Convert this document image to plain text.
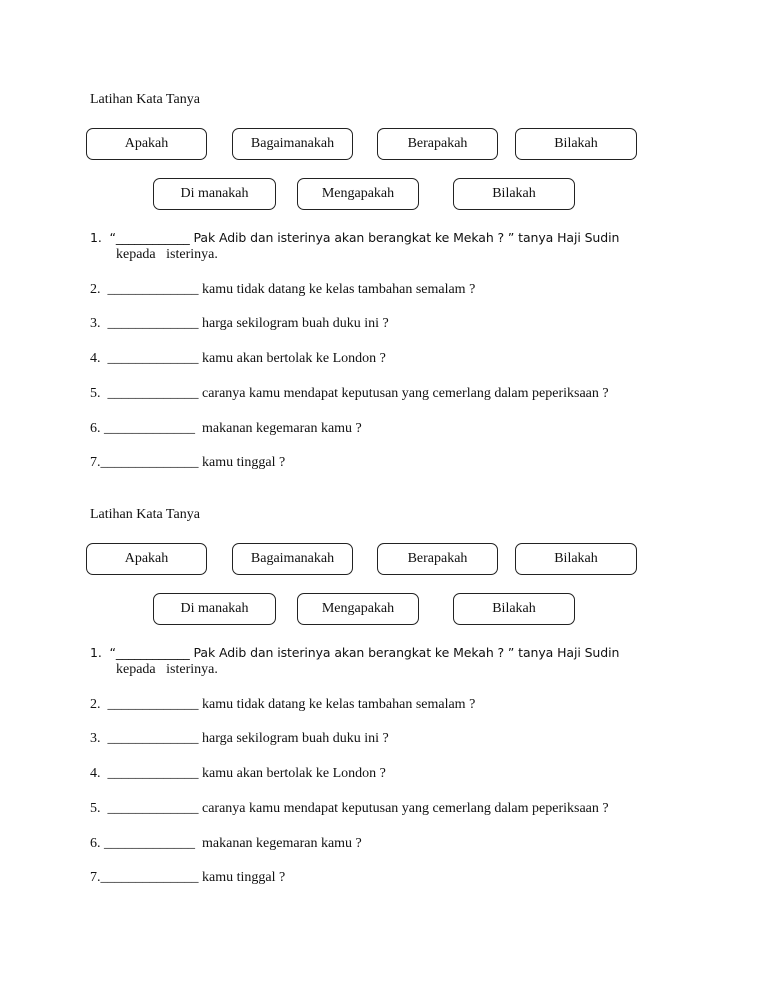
Latihan Kata Tanya
Apakah	Bagaimanakah	Berapakah	Bilakah
Di manakah	Mengapakah	Bilakah
1.  “____________ Pak Adib dan isterinya akan berangkat ke Mekah ? ” tanya Haji Sudin
kepada   isterinya.
2.  _____________ kamu tidak datang ke kelas tambahan semalam ?
3.  _____________ harga sekilogram buah duku ini ?
4.  _____________ kamu akan bertolak ke London ?
5.  _____________ caranya kamu mendapat keputusan yang cemerlang dalam peperiksaan ?
6. _____________  makanan kegemaran kamu ?
7.______________ kamu tinggal ?
Latihan Kata Tanya
Apakah	Bagaimanakah	Berapakah	Bilakah
Di manakah	Mengapakah	Bilakah
1.  “____________ Pak Adib dan isterinya akan berangkat ke Mekah ? ” tanya Haji Sudin
kepada   isterinya.
2.  _____________ kamu tidak datang ke kelas tambahan semalam ?
3.  _____________ harga sekilogram buah duku ini ?
4.  _____________ kamu akan bertolak ke London ?
5.  _____________ caranya kamu mendapat keputusan yang cemerlang dalam peperiksaan ?
6. _____________  makanan kegemaran kamu ?
7.______________ kamu tinggal ?
